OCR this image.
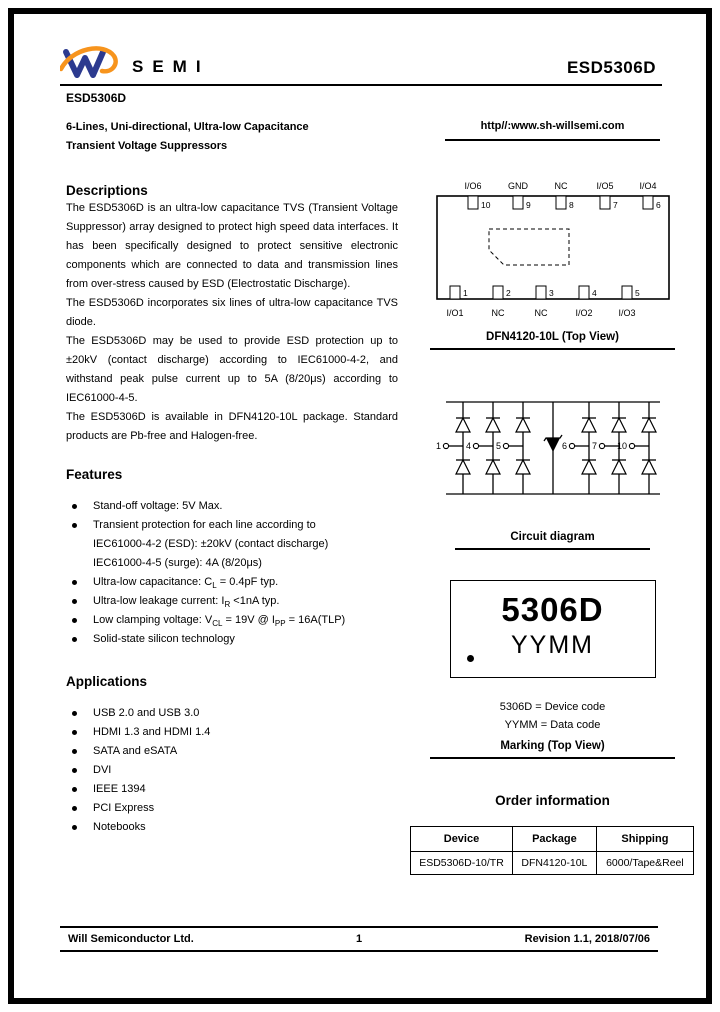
SEMI	ESD5306D
ESD5306D
6-Lines, Uni-directional, Ultra-low Capacitance
Transient Voltage Suppressors
Descriptions

The ESD5306D is an ultra-low capacitance TVS (Transient Voltage Suppressor) array designed to protect high speed data interfaces. It has been specifically designed to protect sensitive electronic components which are connected to data and transmission lines from over-stress caused by ESD (Electrostatic Discharge).

The ESD5306D incorporates six lines of ultra-low capacitance TVS diode.

The ESD5306D may be used to provide ESD protection up to ±20kV (contact discharge) according to IEC61000-4-2, and withstand peak pulse current up to 5A (8/20μs) according to IEC61000-4-5.

The ESD5306D is available in DFN4120-10L package. Standard products are Pb-free and Halogen-free.

Features
Stand-off voltage: 5V Max.
Transient protection for each line according to
IEC61000-4-2 (ESD): ±20kV (contact discharge)
IEC61000-4-5 (surge): 4A (8/20μs)
Ultra-low capacitance: $C_L = 0.4pF$ typ.
Ultra-low leakage current: $I_R <1nA$ typ.
Low clamping voltage: $V_{CL} = 19V$ @ $I_{PP} = 16A(TLP)$
Solid-state silicon technology
Applications
USB 2.0 and USB 3.0
HDMI 1.3 and HDMI 1.4
SATA and eSATA
DVI
IEEE 1394
PCI Express
Notebooks
http//:www.sh-willsemi.com
I/O6	GND	NC	I/O5	I/O4
10	9	8	7	6
1	2	3	4	5
I/O1	NC	NC	I/O2	I/O3
DFN4120-10L (Top View)
1	4	5	6	7 10
Circuit diagram
5306D
YYMM
5306D = Device code
YYMM = Data code
Marking (Top View)
Order information
Device	Package	Shipping
ESD5306D-10/TR	DFN4120-10L	6000/Tape&Reel
Will Semiconductor Ltd.	1	Revision 1.1, 2018/07/06
